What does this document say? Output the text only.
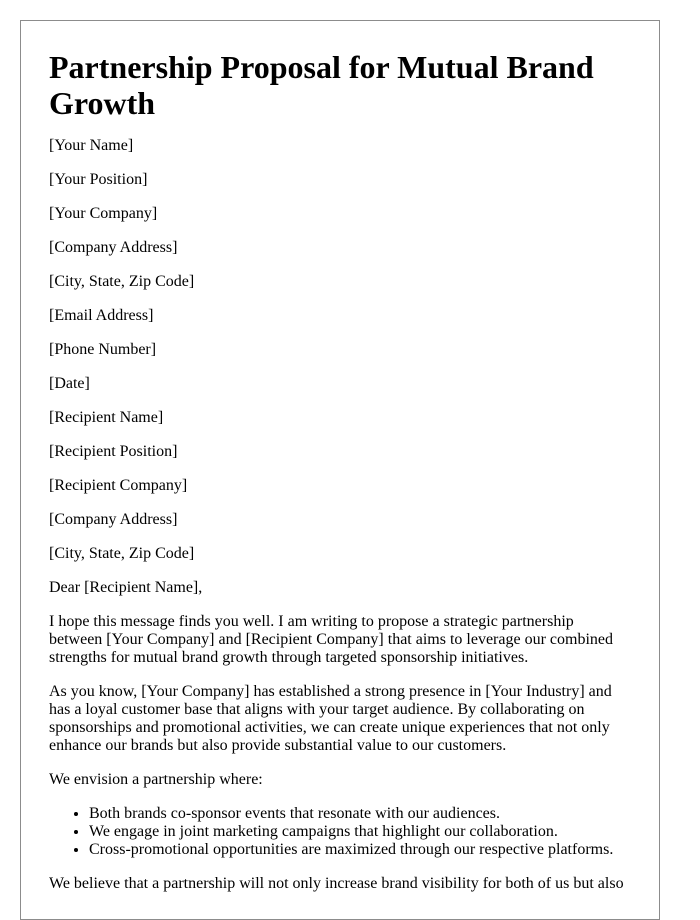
Partnership Proposal for Mutual Brand Growth
[Your Name]
[Your Position]
[Your Company]
[Company Address]
[City, State, Zip Code]
[Email Address]
[Phone Number]
[Date]
[Recipient Name]
[Recipient Position]
[Recipient Company]
[Company Address]
[City, State, Zip Code]
Dear [Recipient Name],

I hope this message finds you well. I am writing to propose a strategic partnership between [Your Company] and [Recipient Company] that aims to leverage our combined strengths for mutual brand growth through targeted sponsorship initiatives.

As you know, [Your Company] has established a strong presence in [Your Industry] and has a loyal customer base that aligns with your target audience. By collaborating on sponsorships and promotional activities, we can create unique experiences that not only enhance our brands but also provide substantial value to our customers.

We envision a partnership where:

• Both brands co-sponsor events that resonate with our audiences.
• We engage in joint marketing campaigns that highlight our collaboration.
• Cross-promotional opportunities are maximized through our respective platforms.

We believe that a partnership will not only increase brand visibility for both of us but also
